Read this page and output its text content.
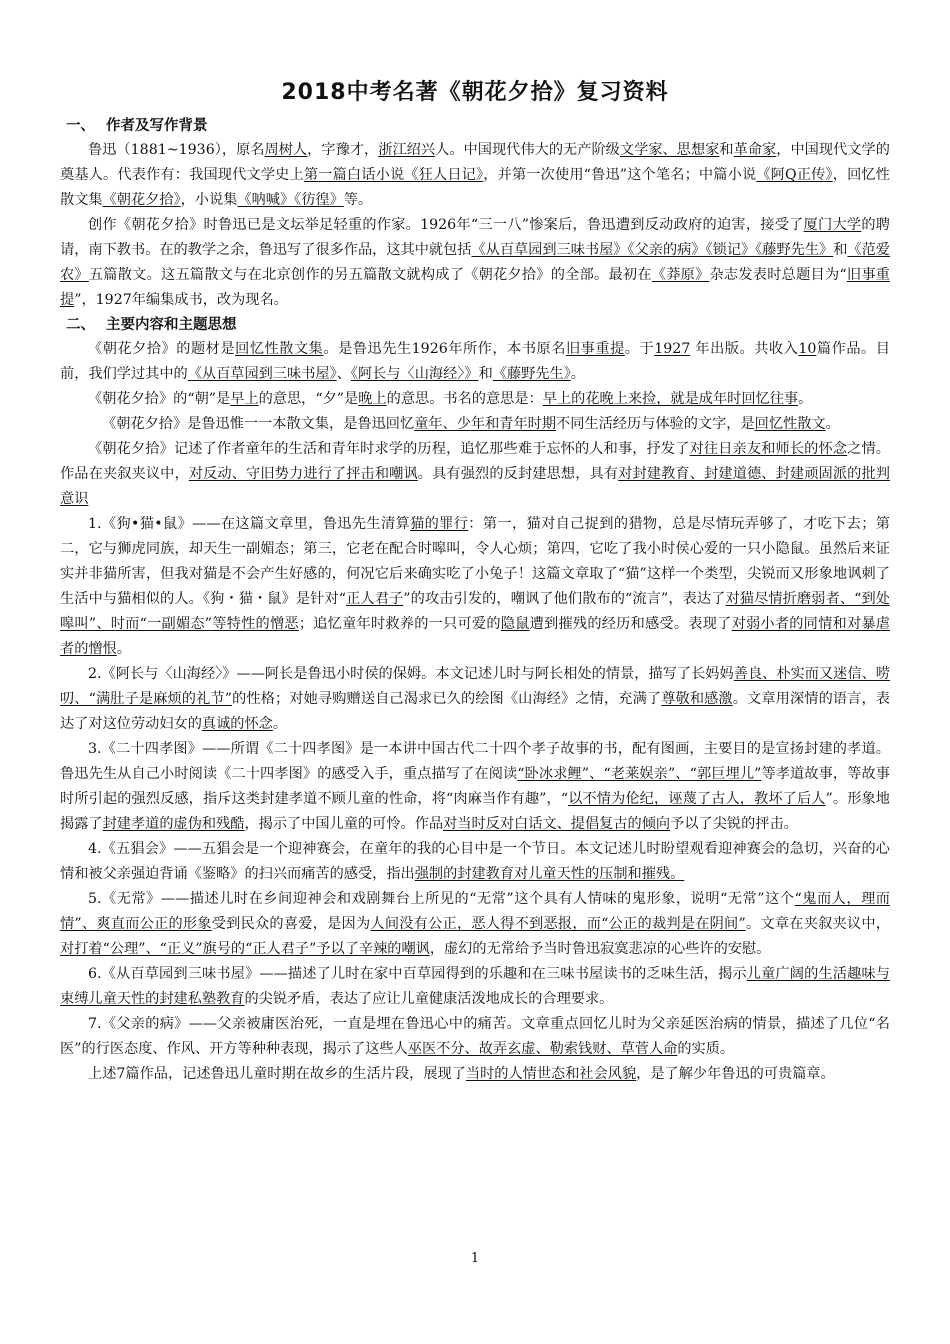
2018中考名著《朝花夕拾》复习资料
一、 作者及写作背景

鲁迅（1881~1936），原名周树人，字豫才，浙江绍兴人。中国现代伟大的无产阶级文学家、思想家和革命家，中国现代文学的奠基人。代表作有：我国现代文学史上第一篇白话小说《狂人日记》，并第一次使用“鲁迅”这个笔名；中篇小说《阿Q正传》，回忆性散文集《朝花夕拾》，小说集《呐喊》《彷徨》等。

创作《朝花夕拾》时鲁迅已是文坛举足轻重的作家。1926年“三一八”惨案后，鲁迅遭到反动政府的迫害，接受了厦门大学的聘请，南下教书。在的教学之余，鲁迅写了很多作品，这其中就包括《从百草园到三味书屋》《父亲的病》《锁记》《藤野先生》和《范爱农》五篇散文。这五篇散文与在北京创作的另五篇散文就构成了《朝花夕拾》的全部。最初在《莽原》杂志发表时总题目为“旧事重提”，1927年编集成书，改为现名。

二、 主要内容和主题思想

《朝花夕拾》的题材是回忆性散文集。是鲁迅先生1926年所作，本书原名旧事重提。于1927 年出版。共收入10篇作品。目前，我们学过其中的《从百草园到三味书屋》、《阿长与〈山海经〉》和《藤野先生》。

《朝花夕拾》的“朝”是早上的意思，“夕”是晚上的意思。书名的意思是：早上的花晚上来捡，就是成年时回忆往事。

《朝花夕拾》是鲁迅惟一一本散文集，是鲁迅回忆童年、少年和青年时期不同生活经历与体验的文字，是回忆性散文。

《朝花夕拾》记述了作者童年的生活和青年时求学的历程，追忆那些难于忘怀的人和事，抒发了对往日亲友和师长的怀念之情。作品在夹叙夹议中，对反动、守旧势力进行了抨击和嘲讽。具有强烈的反封建思想，具有对封建教育、封建道德、封建顽固派的批判意识

1.《狗•猫•鼠》——在这篇文章里，鲁迅先生清算猫的罪行：第一，猫对自己捉到的猎物，总是尽情玩弄够了，才吃下去；第二，它与狮虎同族，却天生一副媚态；第三，它老在配合时嗥叫，令人心烦；第四，它吃了我小时侯心爱的一只小隐鼠。虽然后来证实并非猫所害，但我对猫是不会产生好感的，何况它后来确实吃了小兔子！这篇文章取了“猫”这样一个类型，尖锐而又形象地讽刺了生活中与猫相似的人。《狗・猫・鼠》是针对“正人君子”的攻击引发的，嘲讽了他们散布的“流言”，表达了对猫尽情折磨弱者、“到处嗥叫”、时而“一副媚态”等特性的憎恶；追忆童年时救养的一只可爱的隐鼠遭到摧残的经历和感受。表现了对弱小者的同情和对暴虐者的憎恨。

2.《阿长与〈山海经〉》——阿长是鲁迅小时侯的保姆。本文记述儿时与阿长相处的情景，描写了长妈妈善良、朴实而又迷信、唠叨、“满肚子是麻烦的礼节”的性格；对她寻购赠送自己渴求已久的绘图《山海经》之情，充满了尊敬和感激。文章用深情的语言，表达了对这位劳动妇女的真诚的怀念。

3.《二十四孝图》——所谓《二十四孝图》是一本讲中国古代二十四个孝子故事的书，配有图画，主要目的是宣扬封建的孝道。鲁迅先生从自己小时阅读《二十四孝图》的感受入手，重点描写了在阅读“卧冰求鲤”、“老莱娱亲”、“郭巨埋儿”等孝道故事，等故事时所引起的强烈反感，指斥这类封建孝道不顾儿童的性命，将“肉麻当作有趣”，“以不情为伦纪，诬蔑了古人，教坏了后人”。形象地揭露了封建孝道的虚伪和残酷，揭示了中国儿童的可怜。作品对当时反对白话文、提倡复古的倾向予以了尖锐的抨击。

4.《五猖会》——五猖会是一个迎神赛会，在童年的我的心目中是一个节日。本文记述儿时盼望观看迎神赛会的急切，兴奋的心情和被父亲强迫背诵《鉴略》的扫兴而痛苦的感受，指出强制的封建教育对儿童天性的压制和摧残。

5.《无常》——描述儿时在乡间迎神会和戏剧舞台上所见的“无常”这个具有人情味的鬼形象，说明“无常”这个“鬼而人，理而情”、爽直而公正的形象受到民众的喜爱，是因为人间没有公正，恶人得不到恶报，而“公正的裁判是在阴间”。文章在夹叙夹议中，对打着“公理”、“正义”旗号的“正人君子”予以了辛辣的嘲讽，虚幻的无常给予当时鲁迅寂寞悲凉的心些许的安慰。

6.《从百草园到三味书屋》——描述了儿时在家中百草园得到的乐趣和在三味书屋读书的乏味生活，揭示儿童广阔的生活趣味与束缚儿童天性的封建私塾教育的尖锐矛盾，表达了应让儿童健康活泼地成长的合理要求。

7.《父亲的病》——父亲被庸医治死，一直是埋在鲁迅心中的痛苦。文章重点回忆儿时为父亲延医治病的情景，描述了几位“名医”的行医态度、作风、开方等种种表现，揭示了这些人巫医不分、故弄玄虚、勒索钱财、草菅人命的实质。

上述7篇作品，记述鲁迅儿童时期在故乡的生活片段，展现了当时的人情世态和社会风貌，是了解少年鲁迅的可贵篇章。

1
